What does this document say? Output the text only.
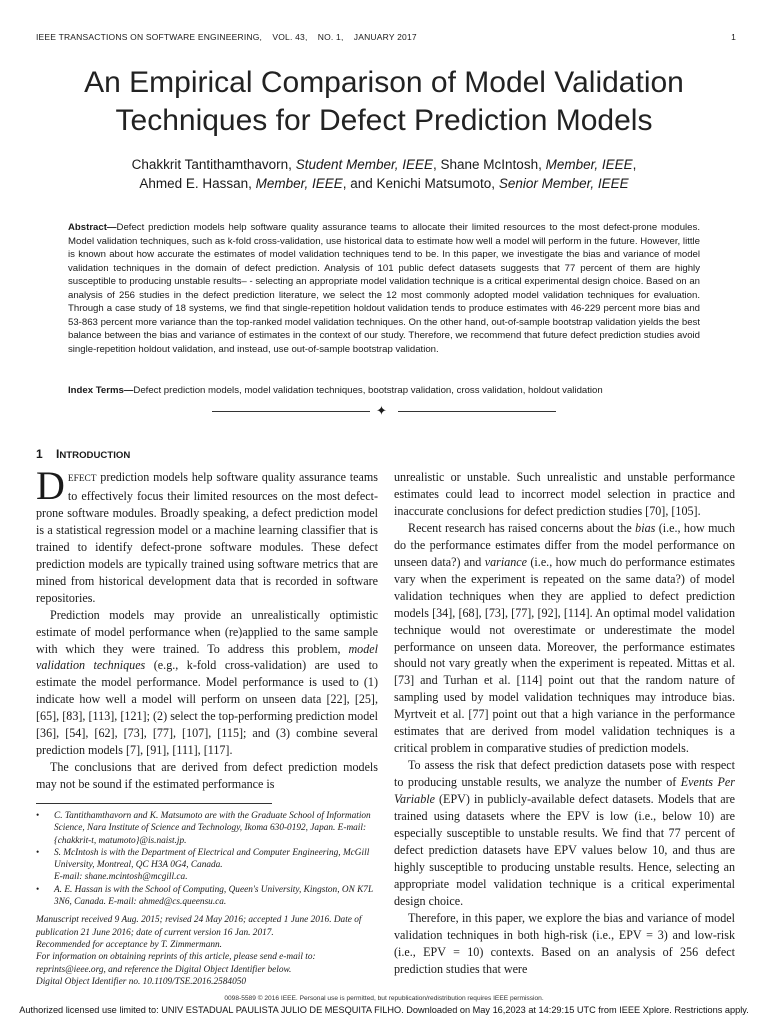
IEEE TRANSACTIONS ON SOFTWARE ENGINEERING,    VOL. 43,    NO. 1,    JANUARY 2017	1
An Empirical Comparison of Model Validation
Techniques for Defect Prediction Models
Chakkrit Tantithamthavorn, Student Member, IEEE, Shane McIntosh, Member, IEEE,
Ahmed E. Hassan, Member, IEEE, and Kenichi Matsumoto, Senior Member, IEEE
Abstract—Defect prediction models help software quality assurance teams to allocate their limited resources to the most defect-prone modules. Model validation techniques, such as k-fold cross-validation, use historical data to estimate how well a model will perform in the future. However, little is known about how accurate the estimates of model validation techniques tend to be. In this paper, we investigate the bias and variance of model validation techniques in the domain of defect prediction. Analysis of 101 public defect datasets suggests that 77 percent of them are highly susceptible to producing unstable results– - selecting an appropriate model validation technique is a critical experimental design choice. Based on an analysis of 256 studies in the defect prediction literature, we select the 12 most commonly adopted model validation techniques for evaluation. Through a case study of 18 systems, we find that single-repetition holdout validation tends to produce estimates with 46-229 percent more bias and 53-863 percent more variance than the top-ranked model validation techniques. On the other hand, out-of-sample bootstrap validation yields the best balance between the bias and variance of estimates in the context of our study. Therefore, we recommend that future defect prediction studies avoid single-repetition holdout validation, and instead, use out-of-sample bootstrap validation.
Index Terms—Defect prediction models, model validation techniques, bootstrap validation, cross validation, holdout validation
✦
1 INTRODUCTION

DEFECT prediction models help software quality assurance teams to effectively focus their limited resources on the most defect-prone software modules. Broadly speaking, a defect prediction model is a statistical regression model or a machine learning classifier that is trained to identify defect-prone software modules. These defect prediction models are typically trained using software metrics that are mined from historical development data that is recorded in software repositories.

Prediction models may provide an unrealistically optimistic estimate of model performance when (re)applied to the same sample with which they were trained. To address this problem, model validation techniques (e.g., k-fold cross-validation) are used to estimate the model performance. Model performance is used to (1) indicate how well a model will perform on unseen data [22], [25], [65], [83], [113], [121]; (2) select the top-performing prediction model [36], [54], [62], [73], [77], [107], [115]; and (3) combine several prediction models [7], [91], [111], [117].

The conclusions that are derived from defect prediction models may not be sound if the estimated performance is

unrealistic or unstable. Such unrealistic and unstable performance estimates could lead to incorrect model selection in practice and inaccurate conclusions for defect prediction studies [70], [105].

Recent research has raised concerns about the bias (i.e., how much do the performance estimates differ from the model performance on unseen data?) and variance (i.e., how much do performance estimates vary when the experiment is repeated on the same data?) of model validation techniques when they are applied to defect prediction models [34], [68], [73], [77], [92], [114]. An optimal model validation technique would not overestimate or underestimate the model performance on unseen data. Moreover, the performance estimates should not vary greatly when the experiment is repeated. Mittas et al. [73] and Turhan et al. [114] point out that the random nature of sampling used by model validation techniques may introduce bias. Myrtveit et al. [77] point out that a high variance in the performance estimates that are derived from model validation techniques is a critical problem in comparative studies of prediction models.

To assess the risk that defect prediction datasets pose with respect to producing unstable results, we analyze the number of Events Per Variable (EPV) in publicly-available defect datasets. Models that are trained using datasets where the EPV is low (i.e., below 10) are especially susceptible to unstable results. We find that 77 percent of defect prediction datasets have EPV values below 10, and thus are highly susceptible to producing unstable results. Hence, selecting an appropriate model validation technique is a critical experimental design choice.

Therefore, in this paper, we explore the bias and variance of model validation techniques in both high-risk (i.e., EPV = 3) and low-risk (i.e., EPV = 10) contexts. Based on an analysis of 256 defect prediction studies that were

• C. Tantithamthavorn and K. Matsumoto are with the Graduate School of Information Science, Nara Institute of Science and Technology, Ikoma 630-0192, Japan. E-mail: {chakkrit-t, matumoto}@is.naist.jp.

• S. McIntosh is with the Department of Electrical and Computer Engineering, McGill University, Montreal, QC H3A 0G4, Canada.
E-mail: shane.mcintosh@mcgill.ca.

• A. E. Hassan is with the School of Computing, Queen's University, Kingston, ON K7L 3N6, Canada. E-mail: ahmed@cs.queensu.ca.

Manuscript received 9 Aug. 2015; revised 24 May 2016; accepted 1 June 2016. Date of publication 21 June 2016; date of current version 16 Jan. 2017.

Recommended for acceptance by T. Zimmermann.

For information on obtaining reprints of this article, please send e-mail to: reprints@ieee.org, and reference the Digital Object Identifier below.

Digital Object Identifier no. 10.1109/TSE.2016.2584050

0098-5589 © 2016 IEEE. Personal use is permitted, but republication/redistribution requires IEEE permission.
Authorized licensed use limited to: UNIV ESTADUAL PAULISTA JULIO DE MESQUITA FILHO. Downloaded on May 16,2023 at 14:29:15 UTC from IEEE Xplore. Restrictions apply.
